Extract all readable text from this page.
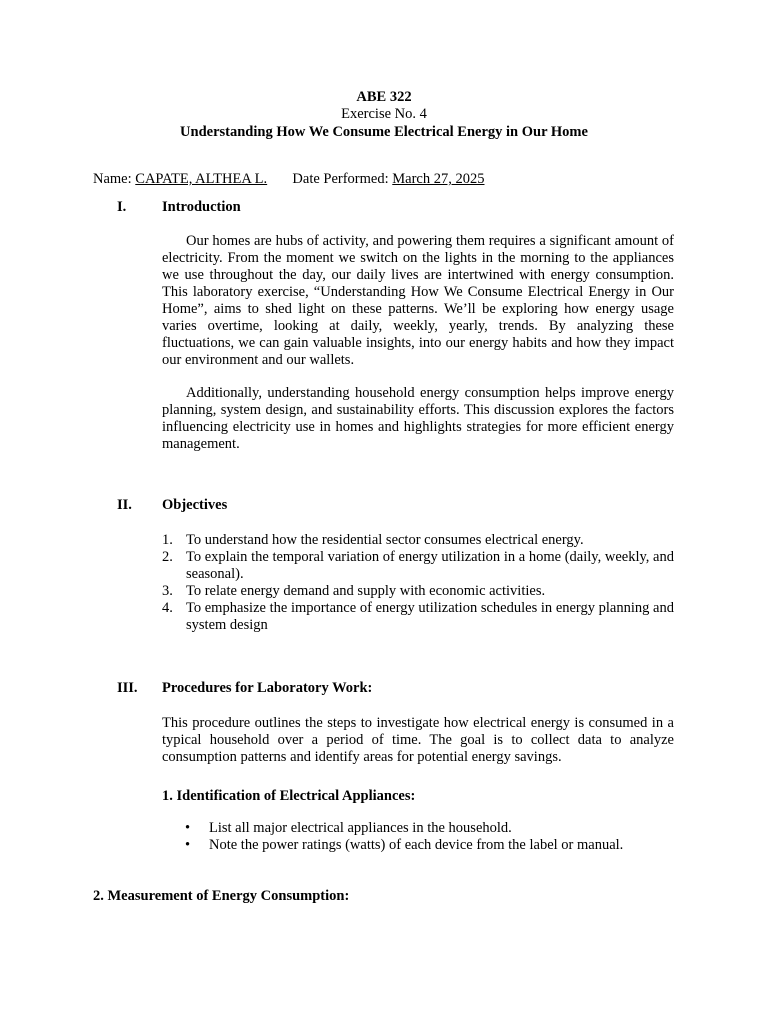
ABE 322
Exercise No. 4
Understanding How We Consume Electrical Energy in Our Home
Name: CAPATE, ALTHEA L. Date Performed: March 27, 2025
I. Introduction
Our homes are hubs of activity, and powering them requires a significant amount of electricity. From the moment we switch on the lights in the morning to the appliances we use throughout the day, our daily lives are intertwined with energy consumption. This laboratory exercise, “Understanding How We Consume Electrical Energy in Our Home”, aims to shed light on these patterns. We’ll be exploring how energy usage varies overtime, looking at daily, weekly, yearly, trends. By analyzing these fluctuations, we can gain valuable insights, into our energy habits and how they impact our environment and our wallets.
Additionally, understanding household energy consumption helps improve energy planning, system design, and sustainability efforts. This discussion explores the factors influencing electricity use in homes and highlights strategies for more efficient energy management.
II. Objectives
1. To understand how the residential sector consumes electrical energy.
2. To explain the temporal variation of energy utilization in a home (daily, weekly, and seasonal).
3. To relate energy demand and supply with economic activities.
4. To emphasize the importance of energy utilization schedules in energy planning and system design
III. Procedures for Laboratory Work:
This procedure outlines the steps to investigate how electrical energy is consumed in a typical household over a period of time. The goal is to collect data to analyze consumption patterns and identify areas for potential energy savings.
1. Identification of Electrical Appliances:
• List all major electrical appliances in the household.
• Note the power ratings (watts) of each device from the label or manual.
2. Measurement of Energy Consumption:
